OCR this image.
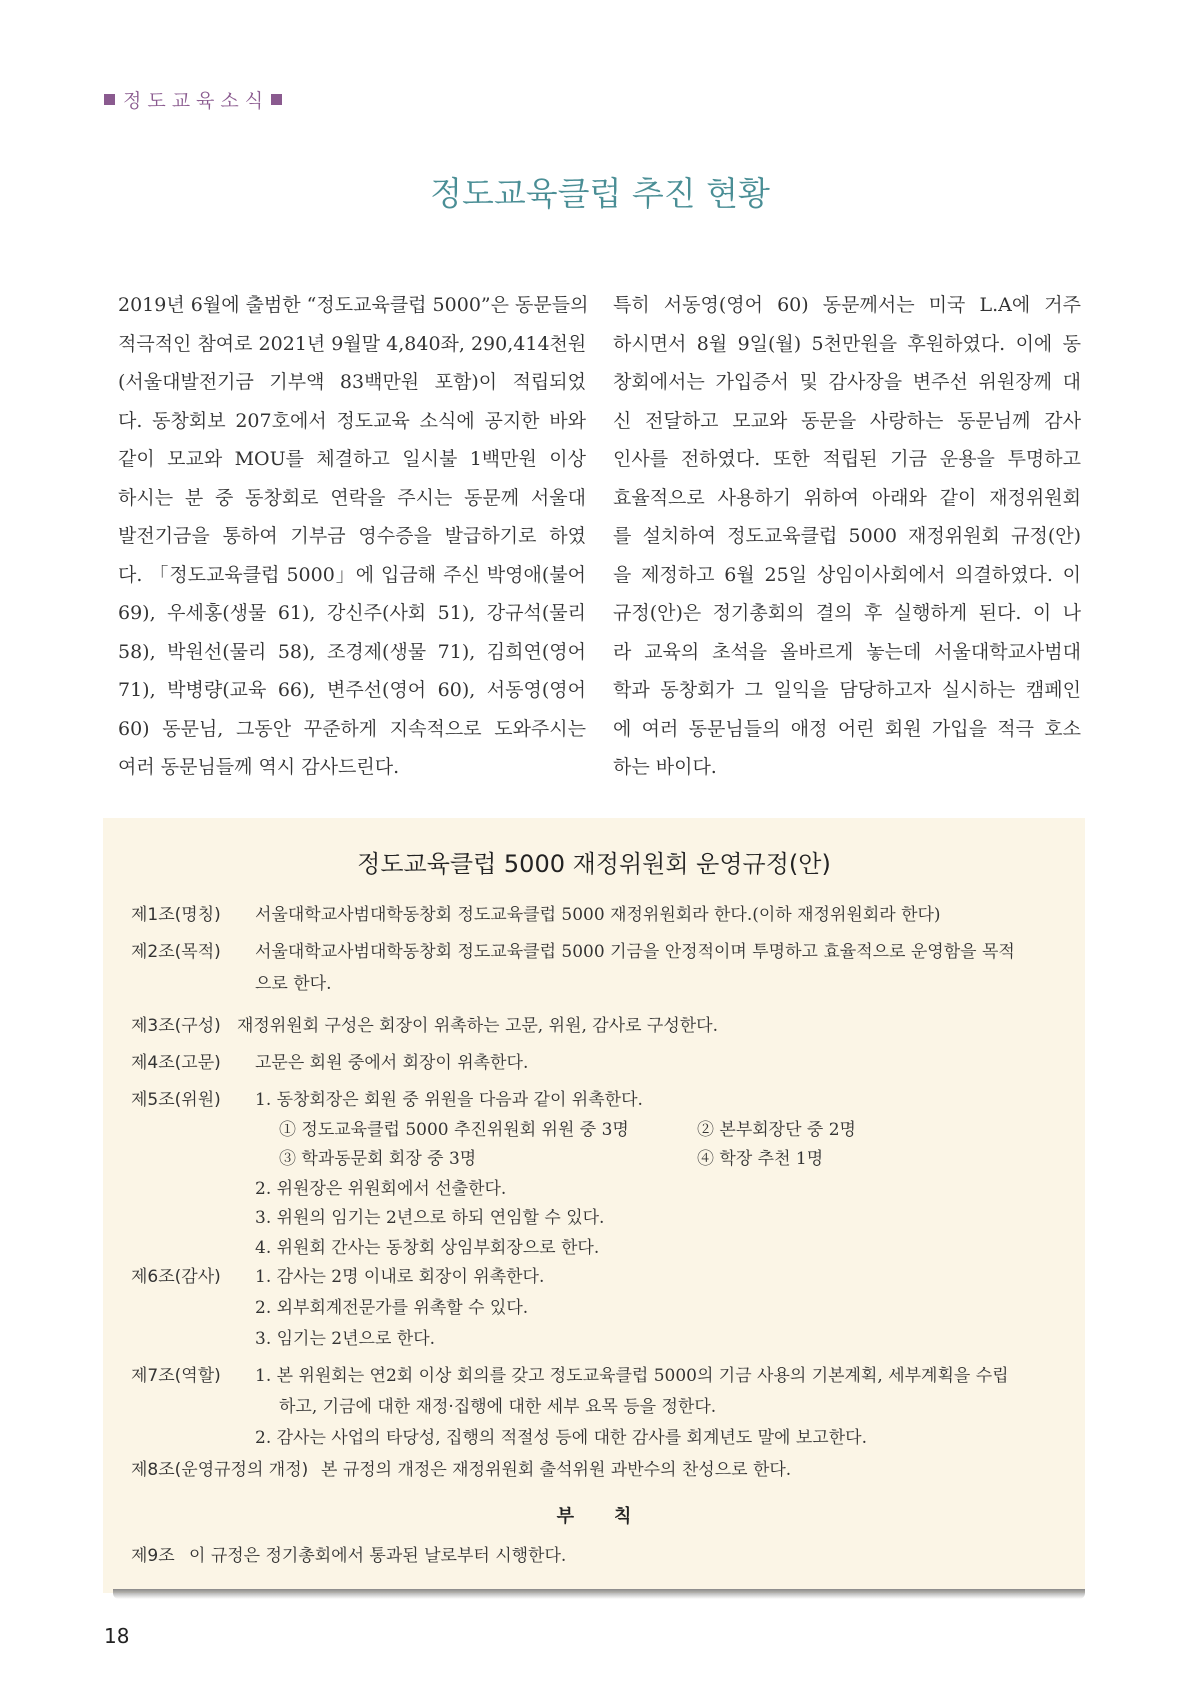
정도교육소식
정도교육클럽 추진 현황
2019년 6월에 출범한 “정도교육클럽 5000”은 동문들의
적극적인 참여로 2021년 9월말 4,840좌, 290,414천원
(서울대발전기금 기부액 83백만원 포함)이 적립되었
다. 동창회보 207호에서 정도교육 소식에 공지한 바와
같이 모교와 MOU를 체결하고 일시불 1백만원 이상
하시는 분 중 동창회로 연락을 주시는 동문께 서울대
발전기금을 통하여 기부금 영수증을 발급하기로 하였
다. 「정도교육클럽 5000」에 입금해 주신 박영애(불어
69), 우세홍(생물 61), 강신주(사회 51), 강규석(물리
58), 박원선(물리 58), 조경제(생물 71), 김희연(영어
71), 박병량(교육 66), 변주선(영어 60), 서동영(영어
60) 동문님, 그동안 꾸준하게 지속적으로 도와주시는
여러 동문님들께 역시 감사드린다.
특히 서동영(영어 60) 동문께서는 미국 L.A에 거주
하시면서 8월 9일(월) 5천만원을 후원하였다. 이에 동
창회에서는 가입증서 및 감사장을 변주선 위원장께 대
신 전달하고 모교와 동문을 사랑하는 동문님께 감사
인사를 전하였다. 또한 적립된 기금 운용을 투명하고
효율적으로 사용하기 위하여 아래와 같이 재정위원회
를 설치하여 정도교육클럽 5000 재정위원회 규정(안)
을 제정하고 6월 25일 상임이사회에서 의결하였다. 이
규정(안)은 정기총회의 결의 후 실행하게 된다. 이 나
라 교육의 초석을 올바르게 놓는데 서울대학교사범대
학과 동창회가 그 일익을 담당하고자 실시하는 캠페인
에 여러 동문님들의 애정 어린 회원 가입을 적극 호소
하는 바이다.
정도교육클럽 5000 재정위원회 운영규정(안)
제1조(명칭) 서울대학교사범대학동창회 정도교육클럽 5000 재정위원회라 한다.(이하 재정위원회라 한다)
제2조(목적) 서울대학교사범대학동창회 정도교육클럽 5000 기금을 안정적이며 투명하고 효율적으로 운영함을 목적
으로 한다.
제3조(구성) 재정위원회 구성은 회장이 위촉하는 고문, 위원, 감사로 구성한다.
제4조(고문) 고문은 회원 중에서 회장이 위촉한다.
제5조(위원) 1. 동창회장은 회원 중 위원을 다음과 같이 위촉한다.
① 정도교육클럽 5000 추진위원회 위원 중 3명	② 본부회장단 중 2명
③ 학과동문회 회장 중 3명	④ 학장 추천 1명
2. 위원장은 위원회에서 선출한다.
3. 위원의 임기는 2년으로 하되 연임할 수 있다.
4. 위원회 간사는 동창회 상임부회장으로 한다.
제6조(감사) 1. 감사는 2명 이내로 회장이 위촉한다.
2. 외부회계전문가를 위촉할 수 있다.
3. 임기는 2년으로 한다.
제7조(역할) 1. 본 위원회는 연2회 이상 회의를 갖고 정도교육클럽 5000의 기금 사용의 기본계획, 세부계획을 수립
하고, 기금에 대한 재정·집행에 대한 세부 요목 등을 정한다.
2. 감사는 사업의 타당성, 집행의 적절성 등에 대한 감사를 회계년도 말에 보고한다.
제8조(운영규정의 개정) 본 규정의 개정은 재정위원회 출석위원 과반수의 찬성으로 한다.
부칙
제9조 이 규정은 정기총회에서 통과된 날로부터 시행한다.
18
